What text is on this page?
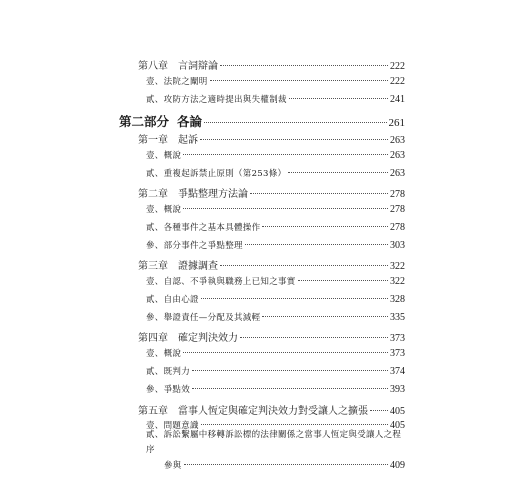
第八章 言詞辯論	222
壹、法院之闡明	222
貳、攻防方法之適時提出與失權制裁	241
第二部分 各論	261
第一章 起訴	263
壹、概說	263
貳、重複起訴禁止原則（第253條）	263
第二章 爭點整理方法論	278
壹、概說	278
貳、各種事件之基本具體操作	278
參、部分事件之爭點整理	303
第三章 證據調查	322
壹、自認、不爭執與職務上已知之事實	322
貳、自由心證	328
參、舉證責任—分配及其減輕	335
第四章 確定判決效力	373
壹、概說	373
貳、既判力	374
參、爭點效	393
第五章 當事人恆定與確定判決效力對受讓人之擴張 405
壹、問題意識	405
貳、訴訟繫屬中移轉訴訟標的法律關係之當事人恆定與受讓人之程序
參與	409
